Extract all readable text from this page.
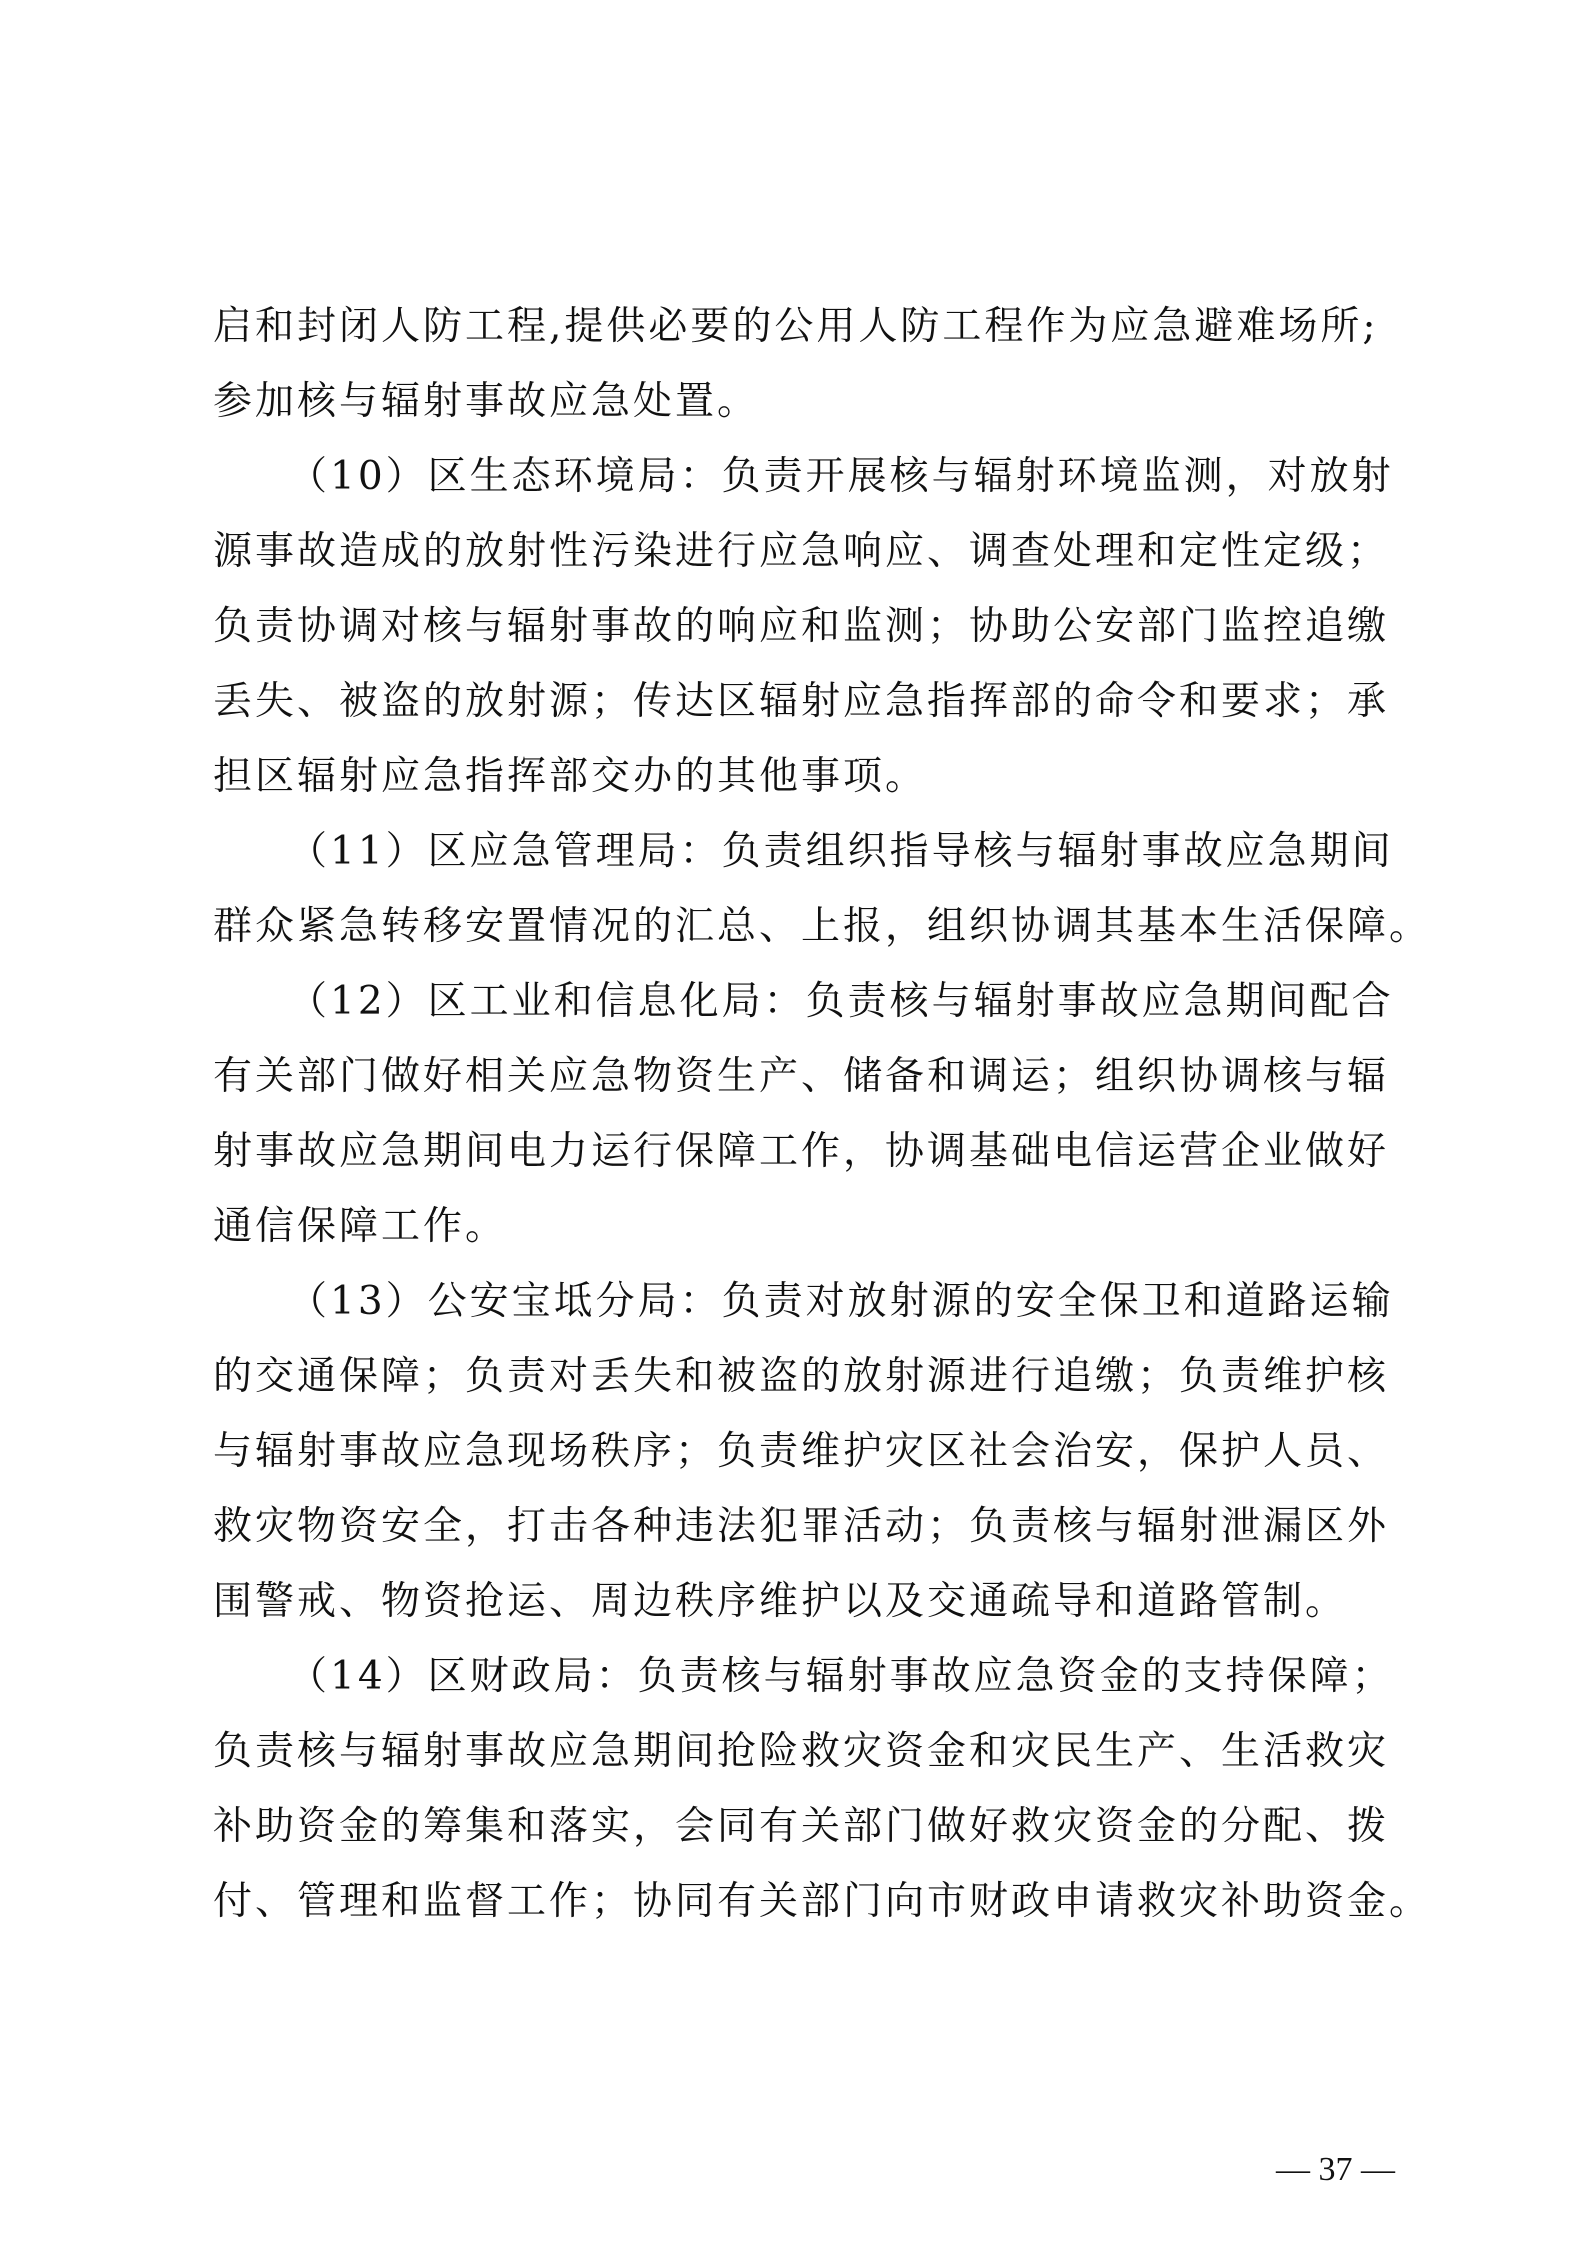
启和封闭人防工程,提供必要的公用人防工程作为应急避难场所;
参加核与辐射事故应急处置。
（10）区生态环境局：负责开展核与辐射环境监测，对放射
源事故造成的放射性污染进行应急响应、调查处理和定性定级；
负责协调对核与辐射事故的响应和监测；协助公安部门监控追缴
丢失、被盗的放射源；传达区辐射应急指挥部的命令和要求；承
担区辐射应急指挥部交办的其他事项。
（11）区应急管理局：负责组织指导核与辐射事故应急期间
群众紧急转移安置情况的汇总、上报，组织协调其基本生活保障。
（12）区工业和信息化局：负责核与辐射事故应急期间配合
有关部门做好相关应急物资生产、储备和调运；组织协调核与辐
射事故应急期间电力运行保障工作，协调基础电信运营企业做好
通信保障工作。
（13）公安宝坻分局：负责对放射源的安全保卫和道路运输
的交通保障；负责对丢失和被盗的放射源进行追缴；负责维护核
与辐射事故应急现场秩序；负责维护灾区社会治安，保护人员、
救灾物资安全，打击各种违法犯罪活动；负责核与辐射泄漏区外
围警戒、物资抢运、周边秩序维护以及交通疏导和道路管制。
（14）区财政局：负责核与辐射事故应急资金的支持保障；
负责核与辐射事故应急期间抢险救灾资金和灾民生产、生活救灾
补助资金的筹集和落实，会同有关部门做好救灾资金的分配、拨
付、管理和监督工作；协同有关部门向市财政申请救灾补助资金。
— 37 —
